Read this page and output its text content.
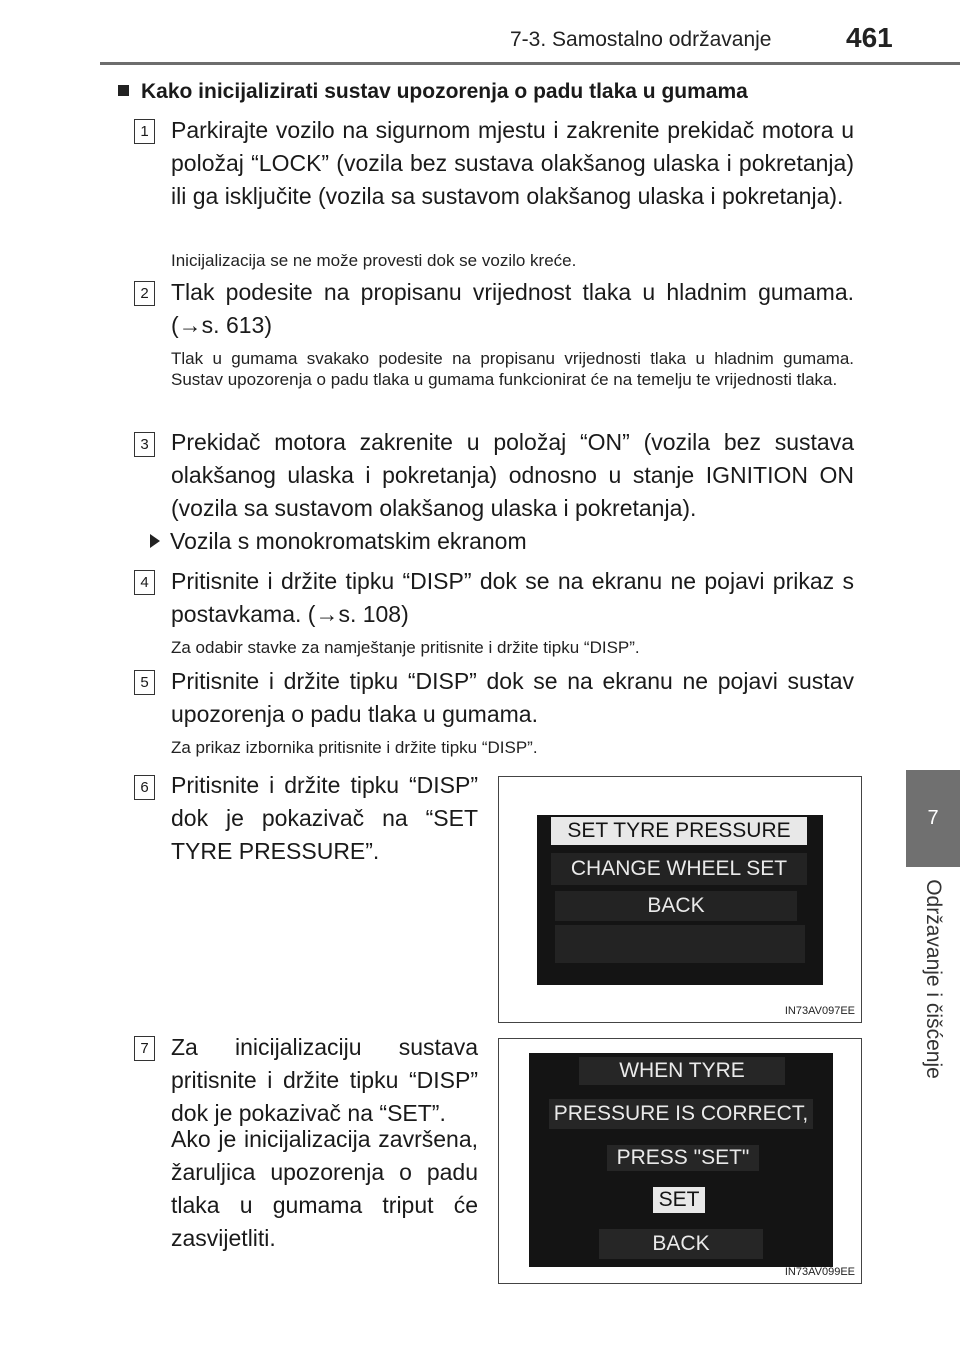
7-3. Samostalno održavanje	461
7
Održavanje i čišćenje
Kako inicijalizirati sustav upozorenja o padu tlaka u gumama
1 Parkirajte vozilo na sigurnom mjestu i zakrenite prekidač motora u položaj “LOCK” (vozila bez sustava olakšanog ulaska i pokretanja) ili ga isključite (vozila sa sustavom olakšanog ulaska i pokretanja).
Inicijalizacija se ne može provesti dok se vozilo kreće.
2 Tlak podesite na propisanu vrijednost tlaka u hladnim gumama. (→s. 613)
Tlak u gumama svakako podesite na propisanu vrijednosti tlaka u hladnim gumama. Sustav upozorenja o padu tlaka u gumama funkcionirat će na temelju te vrijednosti tlaka.
3 Prekidač motora zakrenite u položaj “ON” (vozila bez sustava olakšanog ulaska i pokretanja) odnosno u stanje IGNITION ON (vozila sa sustavom olakšanog ulaska i pokretanja).
Vozila s monokromatskim ekranom
4 Pritisnite i držite tipku “DISP” dok se na ekranu ne pojavi prikaz s postavkama. (→s. 108)
Za odabir stavke za namještanje pritisnite i držite tipku “DISP”.
5 Pritisnite i držite tipku “DISP” dok se na ekranu ne pojavi sustav upozorenja o padu tlaka u gumama.
Za prikaz izbornika pritisnite i držite tipku “DISP”.
6 Pritisnite i držite tipku “DISP” dok je pokazivač na “SET TYRE PRESSURE”.
SET TYRE PRESSURE
CHANGE WHEEL SET
BACK
IN73AV097EE
7 Za inicijalizaciju sustava pritisnite i držite tipku “DISP” dok je pokazivač na “SET”.
Ako je inicijalizacija završena, žaruljica upozorenja o padu tlaka u gumama triput će zasvijetliti.
WHEN TYRE
PRESSURE IS CORRECT,
PRESS "SET"
SET
BACK
IN73AV099EE
